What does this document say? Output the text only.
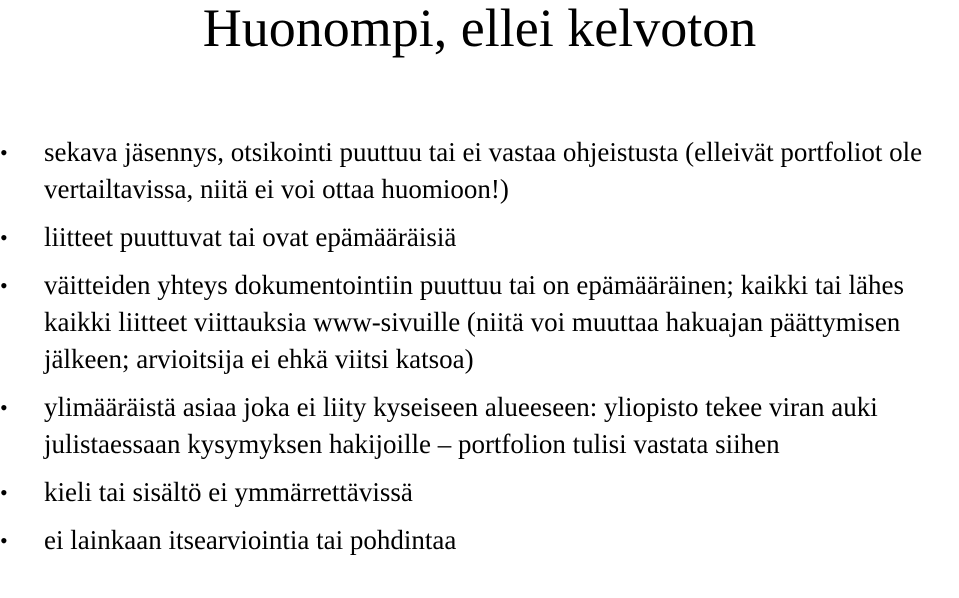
Huonompi, ellei kelvoton
•	sekava jäsennys, otsikointi puuttuu tai ei vastaa ohjeistusta (elleivät portfoliot ole vertailtavissa, niitä ei voi ottaa huomioon!)
•	liitteet puuttuvat tai ovat epämääräisiä
•	väitteiden yhteys dokumentointiin puuttuu tai on epämääräinen; kaikki tai lähes kaikki liitteet viittauksia www-sivuille (niitä voi muuttaa hakuajan päättymisen jälkeen; arvioitsija ei ehkä viitsi katsoa)
•	ylimääräistä asiaa joka ei liity kyseiseen alueeseen: yliopisto tekee viran auki julistaessaan kysymyksen hakijoille – portfolion tulisi vastata siihen
•	kieli tai sisältö ei ymmärrettävissä
•	ei lainkaan itsearviointia tai pohdintaa
